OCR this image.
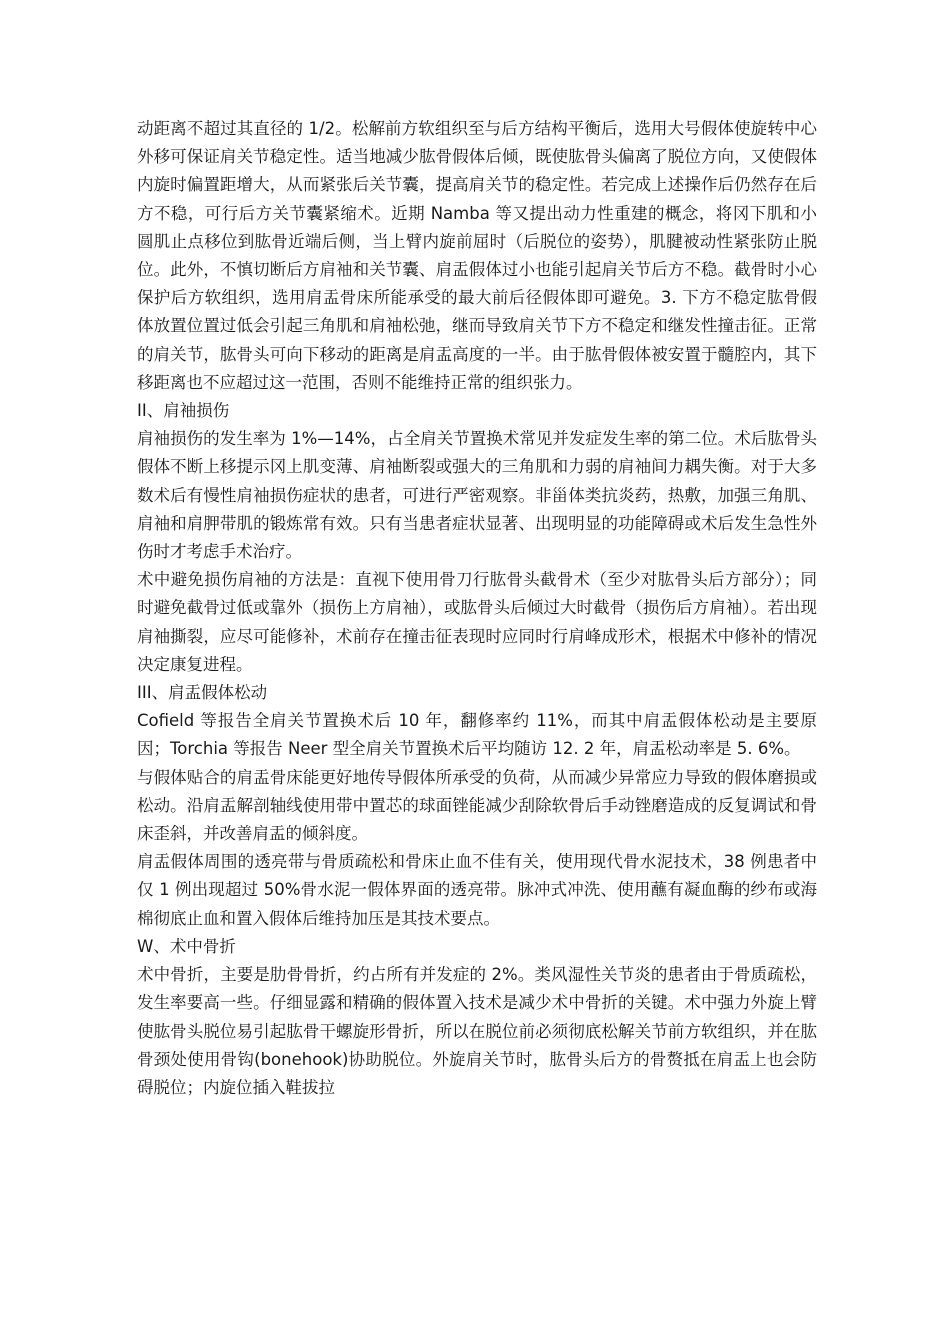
动距离不超过其直径的 1/2。松解前方软组织至与后方结构平衡后，选用大号假体使旋转中心外移可保证肩关节稳定性。适当地减少肱骨假体后倾，既使肱骨头偏离了脱位方向，又使假体内旋时偏置距增大，从而紧张后关节囊，提高肩关节的稳定性。若完成上述操作后仍然存在后方不稳，可行后方关节囊紧缩术。近期 Namba 等又提出动力性重建的概念，将冈下肌和小圆肌止点移位到肱骨近端后侧，当上臂内旋前屈时（后脱位的姿势），肌腱被动性紧张防止脱位。此外，不慎切断后方肩袖和关节囊、肩盂假体过小也能引起肩关节后方不稳。截骨时小心保护后方软组织，选用肩盂骨床所能承受的最大前后径假体即可避免。3. 下方不稳定肱骨假体放置位置过低会引起三角肌和肩袖松弛，继而导致肩关节下方不稳定和继发性撞击征。正常的肩关节，肱骨头可向下移动的距离是肩盂高度的一半。由于肱骨假体被安置于髓腔内，其下移距离也不应超过这一范围，否则不能维持正常的组织张力。

II、肩袖损伤

肩袖损伤的发生率为 1%—14%，占全肩关节置换术常见并发症发生率的第二位。术后肱骨头假体不断上移提示冈上肌变薄、肩袖断裂或强大的三角肌和力弱的肩袖间力耦失衡。对于大多数术后有慢性肩袖损伤症状的患者，可进行严密观察。非甾体类抗炎药，热敷，加强三角肌、肩袖和肩胛带肌的锻炼常有效。只有当患者症状显著、出现明显的功能障碍或术后发生急性外伤时才考虑手术治疗。

术中避免损伤肩袖的方法是：直视下使用骨刀行肱骨头截骨术（至少对肱骨头后方部分）；同时避免截骨过低或靠外（损伤上方肩袖），或肱骨头后倾过大时截骨（损伤后方肩袖）。若出现肩袖撕裂，应尽可能修补，术前存在撞击征表现时应同时行肩峰成形术，根据术中修补的情况决定康复进程。

III、肩盂假体松动

Cofield 等报告全肩关节置换术后 10 年，翻修率约 11%，而其中肩盂假体松动是主要原因；Torchia 等报告 Neer 型全肩关节置换术后平均随访 12. 2 年，肩盂松动率是 5. 6%。

与假体贴合的肩盂骨床能更好地传导假体所承受的负荷，从而减少异常应力导致的假体磨损或松动。沿肩盂解剖轴线使用带中置芯的球面锉能减少刮除软骨后手动锉磨造成的反复调试和骨床歪斜，并改善肩盂的倾斜度。

肩盂假体周围的透亮带与骨质疏松和骨床止血不佳有关，使用现代骨水泥技术，38 例患者中仅 1 例出现超过 50%骨水泥一假体界面的透亮带。脉冲式冲洗、使用蘸有凝血酶的纱布或海棉彻底止血和置入假体后维持加压是其技术要点。

W、术中骨折

术中骨折，主要是肋骨骨折，约占所有并发症的 2%。类风湿性关节炎的患者由于骨质疏松，发生率要高一些。仔细显露和精确的假体置入技术是减少术中骨折的关键。术中强力外旋上臂使肱骨头脱位易引起肱骨干螺旋形骨折，所以在脱位前必须彻底松解关节前方软组织，并在肱骨颈处使用骨钩(bonehook)协助脱位。外旋肩关节时，肱骨头后方的骨赘抵在肩盂上也会防碍脱位；内旋位插入鞋拔拉
